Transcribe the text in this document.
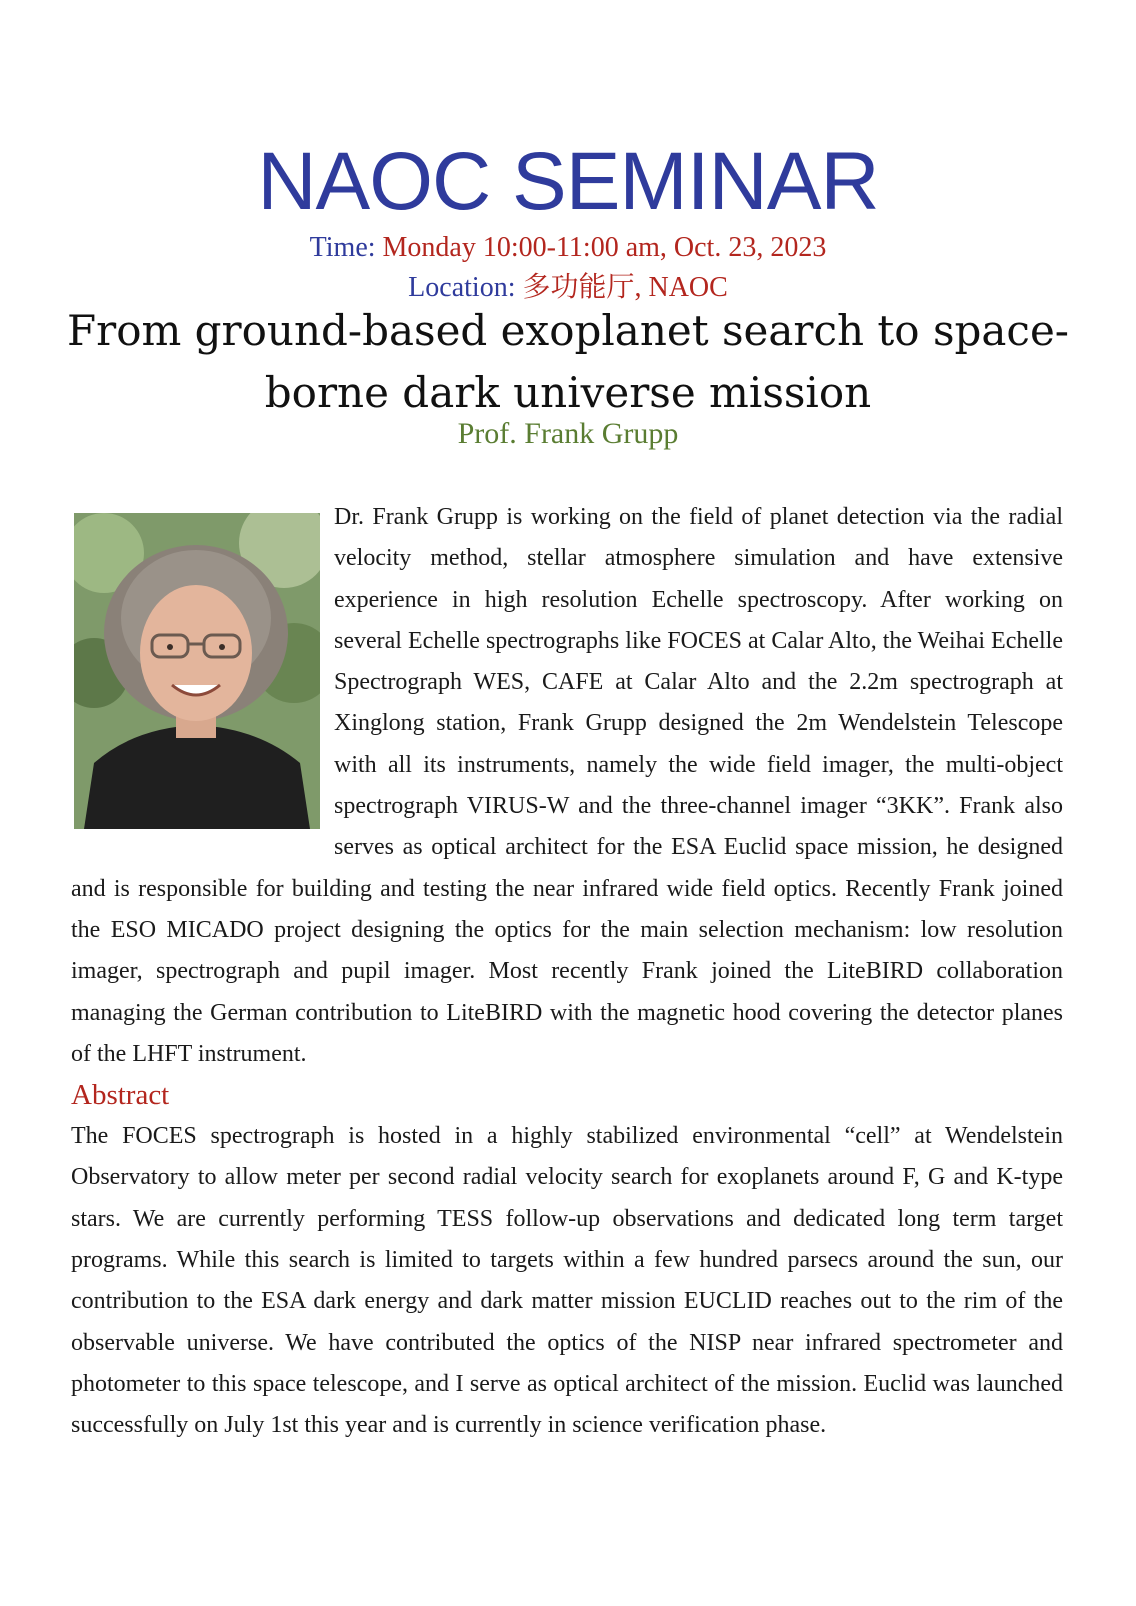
NAOC SEMINAR
Time: Monday 10:00-11:00 am, Oct. 23, 2023
Location: 多功能厅, NAOC
From ground-based exoplanet search to space-borne dark universe mission
Prof. Frank Grupp

Dr. Frank Grupp is working on the field of planet detection via the radial velocity method, stellar atmosphere simulation and have extensive experience in high resolution Echelle spectroscopy. After working on several Echelle spectrographs like FOCES at Calar Alto, the Weihai Echelle Spectrograph WES, CAFE at Calar Alto and the 2.2m spectrograph at Xinglong station, Frank Grupp designed the 2m Wendelstein Telescope with all its instruments, namely the wide field imager, the multi-object spectrograph VIRUS-W and the three-channel imager “3KK”. Frank also serves as optical architect for the ESA Euclid space mission, he designed and is responsible for building and testing the near infrared wide field optics. Recently Frank joined the ESO MICADO project designing the optics for the main selection mechanism: low resolution imager, spectrograph and pupil imager. Most recently Frank joined the LiteBIRD collaboration managing the German contribution to LiteBIRD with the magnetic hood covering the detector planes of the LHFT instrument.

Abstract

The FOCES spectrograph is hosted in a highly stabilized environmental “cell” at Wendelstein Observatory to allow meter per second radial velocity search for exoplanets around F, G and K-type stars. We are currently performing TESS follow-up observations and dedicated long term target programs. While this search is limited to targets within a few hundred parsecs around the sun, our contribution to the ESA dark energy and dark matter mission EUCLID reaches out to the rim of the observable universe. We have contributed the optics of the NISP near infrared spectrometer and photometer to this space telescope, and I serve as optical architect of the mission. Euclid was launched successfully on July 1st this year and is currently in science verification phase.
